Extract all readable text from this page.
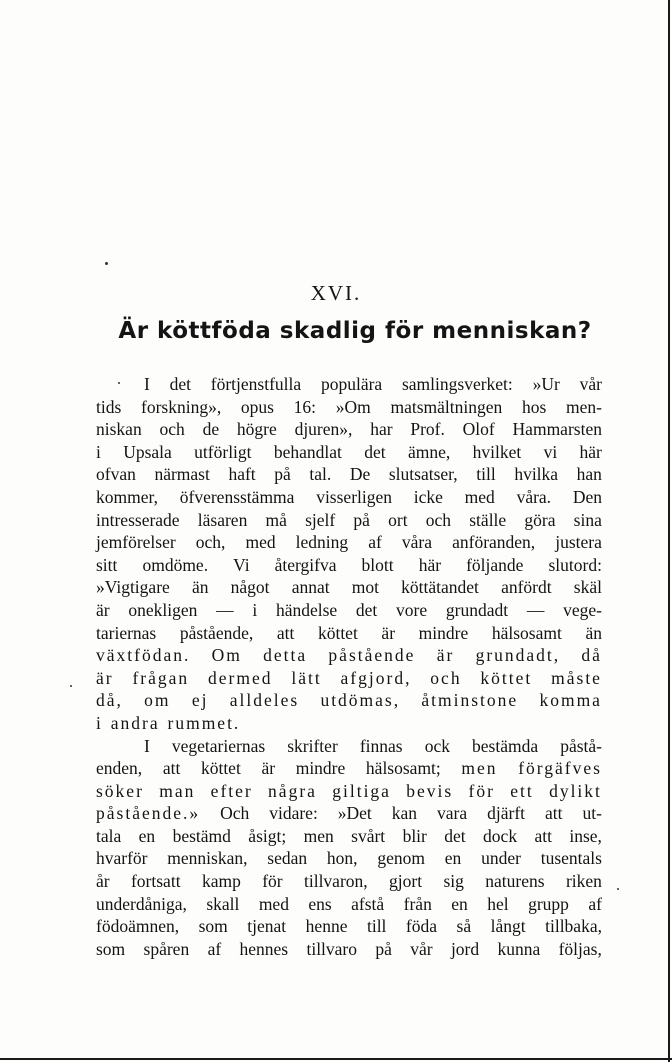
XVI.
Är köttföda skadlig för menniskan?
I det förtjenstfulla populära samlingsverket: »Ur vår
tids forskning», opus 16: »Om matsmältningen hos men-
niskan och de högre djuren», har Prof. Olof Hammarsten
i Upsala utförligt behandlat det ämne, hvilket vi här
ofvan närmast haft på tal. De slutsatser, till hvilka han
kommer, öfverensstämma visserligen icke med våra. Den
intresserade läsaren må sjelf på ort och ställe göra sina
jemförelser och, med ledning af våra anföranden, justera
sitt omdöme. Vi återgifva blott här följande slutord:
»Vigtigare än något annat mot köttätandet anfördt skäl
är onekligen — i händelse det vore grundadt — vege-
tariernas påstående, att köttet är mindre hälsosamt än
växtfödan. Om detta påstående är grundadt, då
är frågan dermed lätt afgjord, och köttet måste
då, om ej alldeles utdömas, åtminstone komma
i andra rummet.
I vegetariernas skrifter finnas ock bestämda påstå-
enden, att köttet är mindre hälsosamt; men förgäfves
söker man efter några giltiga bevis för ett dylikt
påstående.» Och vidare: »Det kan vara djärft att ut-
tala en bestämd åsigt; men svårt blir det dock att inse,
hvarför menniskan, sedan hon, genom en under tusentals
år fortsatt kamp för tillvaron, gjort sig naturens riken
underdåniga, skall med ens afstå från en hel grupp af
födoämnen, som tjenat henne till föda så långt tillbaka,
som spåren af hennes tillvaro på vår jord kunna följas,
